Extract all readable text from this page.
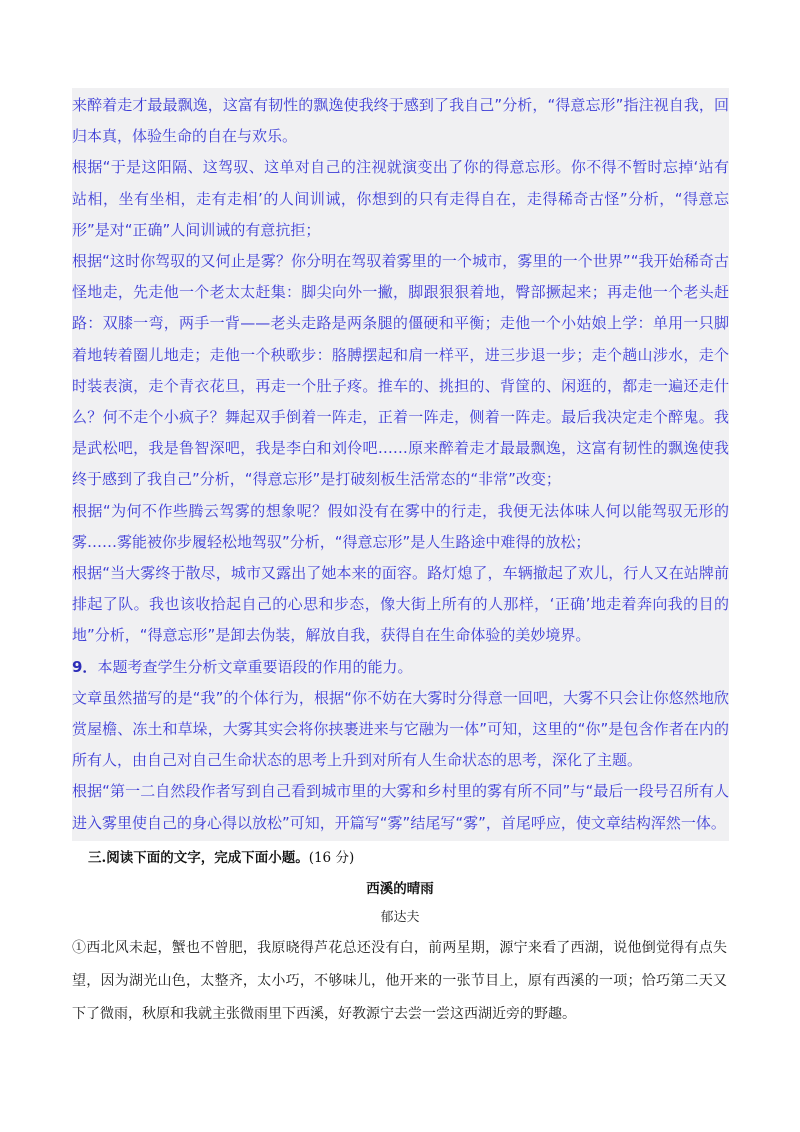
来醉着走才最最飘逸，这富有韧性的飘逸使我终于感到了我自己”分析，“得意忘形”指注视自我，回归本真，体验生命的自在与欢乐。

根据“于是这阳隔、这驾驭、这单对自己的注视就演变出了你的得意忘形。你不得不暂时忘掉‘站有站相，坐有坐相，走有走相’的人间训诫，你想到的只有走得自在，走得稀奇古怪”分析，“得意忘形”是对“正确”人间训诫的有意抗拒；

根据“这时你驾驭的又何止是雾？你分明在驾驭着雾里的一个城市，雾里的一个世界”“我开始稀奇古怪地走，先走他一个老太太赶集：脚尖向外一撇，脚跟狠狠着地，臀部撅起来；再走他一个老头赶路：双膝一弯，两手一背——老头走路是两条腿的僵硬和平衡；走他一个小姑娘上学：单用一只脚着地转着圈儿地走；走他一个秧歌步：胳膊摆起和肩一样平，进三步退一步；走个趟山涉水，走个时装表演，走个青衣花旦，再走一个肚子疼。推车的、挑担的、背筐的、闲逛的，都走一遍还走什么？何不走个小疯子？舞起双手倒着一阵走，正着一阵走，侧着一阵走。最后我决定走个醉鬼。我是武松吧，我是鲁智深吧，我是李白和刘伶吧……原来醉着走才最最飘逸，这富有韧性的飘逸使我终于感到了我自己”分析，“得意忘形”是打破刻板生活常态的“非常”改变；

根据“为何不作些腾云驾雾的想象呢？假如没有在雾中的行走，我便无法体味人何以能驾驭无形的雾……雾能被你步履轻松地驾驭”分析，“得意忘形”是人生路途中难得的放松；

根据“当大雾终于散尽，城市又露出了她本来的面容。路灯熄了，车辆撤起了欢儿，行人又在站牌前排起了队。我也该收拾起自己的心思和步态，像大街上所有的人那样，‘正确’地走着奔向我的目的地”分析，“得意忘形”是卸去伪装，解放自我，获得自在生命体验的美妙境界。

9．本题考查学生分析文章重要语段的作用的能力。

文章虽然描写的是“我”的个体行为，根据“你不妨在大雾时分得意一回吧，大雾不只会让你悠然地欣赏屋檐、冻土和草垛，大雾其实会将你挟裹进来与它融为一体”可知，这里的“你”是包含作者在内的所有人，由自己对自己生命状态的思考上升到对所有人生命状态的思考，深化了主题。

根据“第一二自然段作者写到自己看到城市里的大雾和乡村里的雾有所不同”与“最后一段号召所有人进入雾里使自己的身心得以放松”可知，开篇写“雾”结尾写“雾”，首尾呼应，使文章结构浑然一体。

三.阅读下面的文字，完成下面小题。(16 分)
西溪的晴雨
郁达夫

①西北风未起，蟹也不曾肥，我原晓得芦花总还没有白，前两星期，源宁来看了西湖，说他倒觉得有点失望，因为湖光山色，太整齐，太小巧，不够味儿，他开来的一张节目上，原有西溪的一项；恰巧第二天又下了微雨，秋原和我就主张微雨里下西溪，好教源宁去尝一尝这西湖近旁的野趣。
